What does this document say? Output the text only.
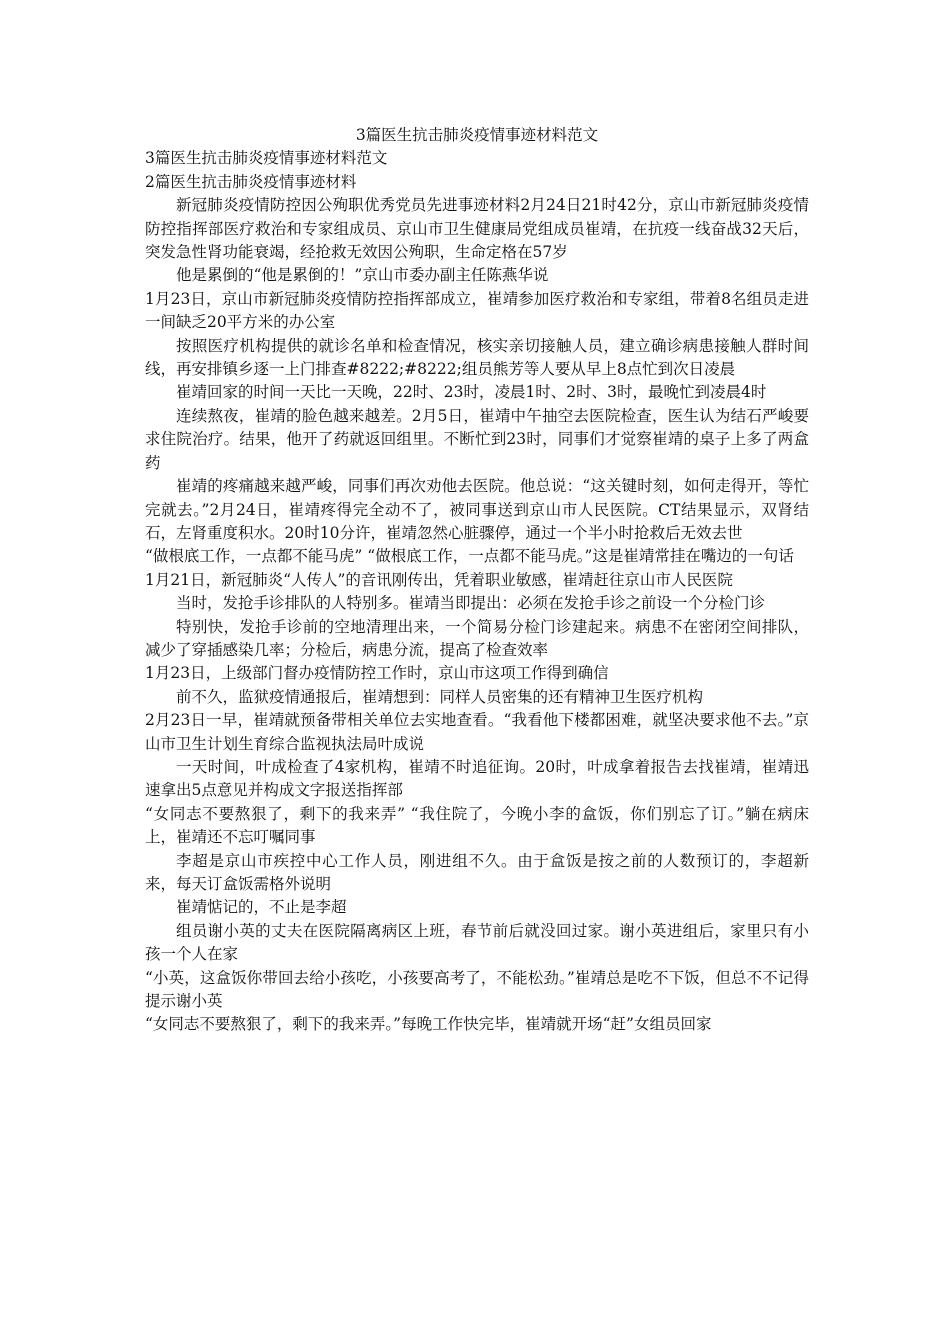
3篇医生抗击肺炎疫情事迹材料范文

3篇医生抗击肺炎疫情事迹材料范文

2篇医生抗击肺炎疫情事迹材料

新冠肺炎疫情防控因公殉职优秀党员先进事迹材料2月24日21时42分，京山市新冠肺炎疫情防控指挥部医疗救治和专家组成员、京山市卫生健康局党组成员崔靖，在抗疫一线奋战32天后，突发急性肾功能衰竭，经抢救无效因公殉职，生命定格在57岁

他是累倒的“他是累倒的！”京山市委办副主任陈燕华说

1月23日，京山市新冠肺炎疫情防控指挥部成立，崔靖参加医疗救治和专家组，带着8名组员走进一间缺乏20平方米的办公室

按照医疗机构提供的就诊名单和检查情况，核实亲切接触人员，建立确诊病患接触人群时间线，再安排镇乡逐一上门排查#8222;#8222;组员熊芳等人要从早上8点忙到次日凌晨

崔靖回家的时间一天比一天晚，22时、23时，凌晨1时、2时、3时，最晚忙到凌晨4时

连续熬夜，崔靖的脸色越来越差。2月5日，崔靖中午抽空去医院检查，医生认为结石严峻要求住院治疗。结果，他开了药就返回组里。不断忙到23时，同事们才觉察崔靖的桌子上多了两盒药

崔靖的疼痛越来越严峻，同事们再次劝他去医院。他总说：“这关键时刻，如何走得开，等忙完就去。”2月24日，崔靖疼得完全动不了，被同事送到京山市人民医院。CT结果显示，双肾结石，左肾重度积水。20时10分许，崔靖忽然心脏骤停，通过一个半小时抢救后无效去世

“做根底工作，一点都不能马虎” “做根底工作，一点都不能马虎。”这是崔靖常挂在嘴边的一句话

1月21日，新冠肺炎“人传人”的音讯刚传出，凭着职业敏感，崔靖赶往京山市人民医院

当时，发抢手诊排队的人特别多。崔靖当即提出：必须在发抢手诊之前设一个分检门诊

特别快，发抢手诊前的空地清理出来，一个简易分检门诊建起来。病患不在密闭空间排队，减少了穿插感染几率；分检后，病患分流，提高了检查效率

1月23日，上级部门督办疫情防控工作时，京山市这项工作得到确信

前不久，监狱疫情通报后，崔靖想到：同样人员密集的还有精神卫生医疗机构

2月23日一早，崔靖就预备带相关单位去实地查看。“我看他下楼都困难，就坚决要求他不去。”京山市卫生计划生育综合监视执法局叶成说

一天时间，叶成检查了4家机构，崔靖不时追征询。20时，叶成拿着报告去找崔靖，崔靖迅速拿出5点意见并构成文字报送指挥部

“女同志不要熬狠了，剩下的我来弄” “我住院了，今晚小李的盒饭，你们别忘了订。”躺在病床上，崔靖还不忘叮嘱同事

李超是京山市疾控中心工作人员，刚进组不久。由于盒饭是按之前的人数预订的，李超新来，每天订盒饭需格外说明

崔靖惦记的，不止是李超

组员谢小英的丈夫在医院隔离病区上班，春节前后就没回过家。谢小英进组后，家里只有小孩一个人在家

“小英，这盒饭你带回去给小孩吃，小孩要高考了，不能松劲。”崔靖总是吃不下饭，但总不不记得提示谢小英

“女同志不要熬狠了，剩下的我来弄。”每晚工作快完毕，崔靖就开场“赶”女组员回家
